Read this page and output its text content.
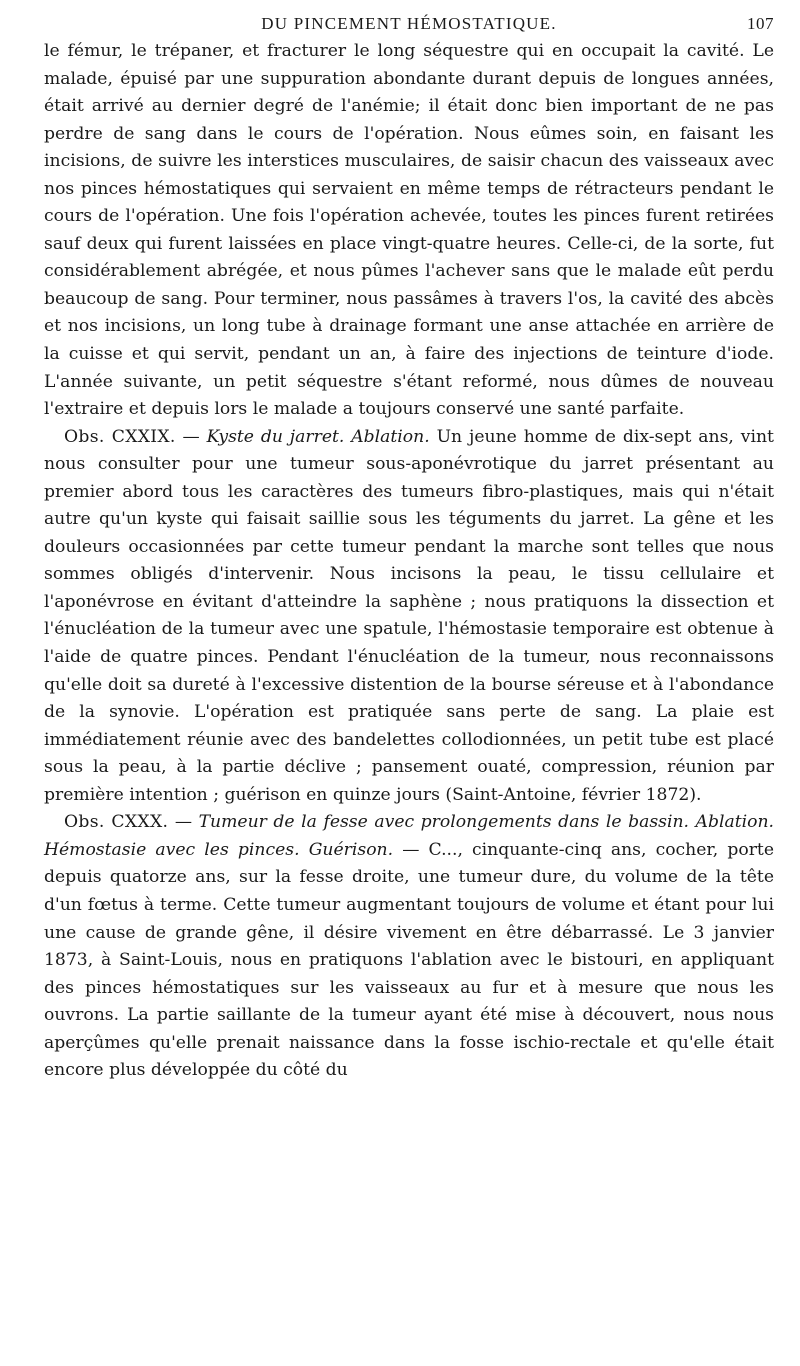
DU PINCEMENT HÉMOSTATIQUE.	107

le fémur, le trépaner, et fracturer le long séquestre qui en occupait la cavité. Le malade, épuisé par une suppuration abondante durant depuis de longues années, était arrivé au dernier degré de l'anémie; il était donc bien important de ne pas perdre de sang dans le cours de l'opération. Nous eûmes soin, en faisant les incisions, de suivre les interstices musculaires, de saisir chacun des vaisseaux avec nos pinces hémostatiques qui servaient en même temps de rétracteurs pendant le cours de l'opération. Une fois l'opération achevée, toutes les pinces furent retirées sauf deux qui furent laissées en place vingt-quatre heures. Celle-ci, de la sorte, fut considérablement abrégée, et nous pûmes l'achever sans que le malade eût perdu beaucoup de sang. Pour terminer, nous passâmes à travers l'os, la cavité des abcès et nos incisions, un long tube à drainage formant une anse attachée en arrière de la cuisse et qui servit, pendant un an, à faire des injections de teinture d'iode. L'année suivante, un petit séquestre s'étant reformé, nous dûmes de nouveau l'extraire et depuis lors le malade a toujours conservé une santé parfaite.

Obs. CXXIX. — Kyste du jarret. Ablation. Un jeune homme de dix-sept ans, vint nous consulter pour une tumeur sous-aponévrotique du jarret présentant au premier abord tous les caractères des tumeurs fibro-plastiques, mais qui n'était autre qu'un kyste qui faisait saillie sous les téguments du jarret. La gêne et les douleurs occasionnées par cette tumeur pendant la marche sont telles que nous sommes obligés d'intervenir. Nous incisons la peau, le tissu cellulaire et l'aponévrose en évitant d'atteindre la saphène ; nous pratiquons la dissection et l'énucléation de la tumeur avec une spatule, l'hémostasie temporaire est obtenue à l'aide de quatre pinces. Pendant l'énucléation de la tumeur, nous reconnaissons qu'elle doit sa dureté à l'excessive distention de la bourse séreuse et à l'abondance de la synovie. L'opération est pratiquée sans perte de sang. La plaie est immédiatement réunie avec des bandelettes collodionnées, un petit tube est placé sous la peau, à la partie déclive ; pansement ouaté, compression, réunion par première intention ; guérison en quinze jours (Saint-Antoine, février 1872).

Obs. CXXX. — Tumeur de la fesse avec prolongements dans le bassin. Ablation. Hémostasie avec les pinces. Guérison. — C..., cinquante-cinq ans, cocher, porte depuis quatorze ans, sur la fesse droite, une tumeur dure, du volume de la tête d'un fœtus à terme. Cette tumeur augmentant toujours de volume et étant pour lui une cause de grande gêne, il désire vivement en être débarrassé. Le 3 janvier 1873, à Saint-Louis, nous en pratiquons l'ablation avec le bistouri, en appliquant des pinces hémostatiques sur les vaisseaux au fur et à mesure que nous les ouvrons. La partie saillante de la tumeur ayant été mise à découvert, nous nous aperçûmes qu'elle prenait naissance dans la fosse ischio-rectale et qu'elle était encore plus développée du côté du
